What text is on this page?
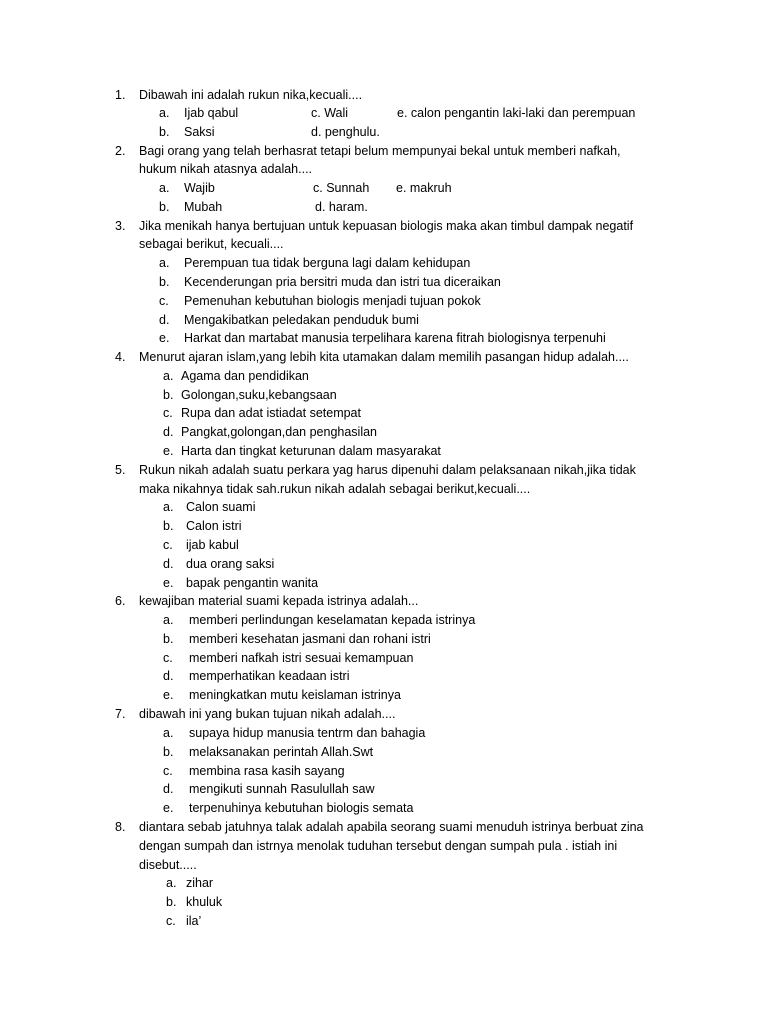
1. Dibawah ini adalah rukun nika,kecuali....
a. Ijab qabul	c. Wali	e. calon pengantin laki-laki dan perempuan
b. Saksi	d. penghulu.
2. Bagi orang yang telah berhasrat tetapi belum mempunyai bekal untuk memberi nafkah,
hukum nikah atasnya adalah....
a. Wajib	c. Sunnah e. makruh
b. Mubah	d. haram.
3. Jika menikah hanya bertujuan untuk kepuasan biologis maka akan timbul dampak negatif
sebagai berikut, kecuali....
a. Perempuan tua tidak berguna lagi dalam kehidupan
b. Kecenderungan pria bersitri muda dan istri tua diceraikan
c. Pemenuhan kebutuhan biologis menjadi tujuan pokok
d. Mengakibatkan peledakan penduduk bumi
e. Harkat dan martabat manusia terpelihara karena fitrah biologisnya terpenuhi
4. Menurut ajaran islam,yang lebih kita utamakan dalam memilih pasangan hidup adalah....
a. Agama dan pendidikan
b. Golongan,suku,kebangsaan
c. Rupa dan adat istiadat setempat
d. Pangkat,golongan,dan penghasilan
e. Harta dan tingkat keturunan dalam masyarakat
5. Rukun nikah adalah suatu perkara yag harus dipenuhi dalam pelaksanaan nikah,jika tidak
maka nikahnya tidak sah.rukun nikah adalah sebagai berikut,kecuali....
a. Calon suami
b. Calon istri
c. ijab kabul
d. dua orang saksi
e. bapak pengantin wanita
6. kewajiban material suami kepada istrinya adalah...
a. memberi perlindungan keselamatan kepada istrinya
b. memberi kesehatan jasmani dan rohani istri
c. memberi nafkah istri sesuai kemampuan
d. memperhatikan keadaan istri
e. meningkatkan mutu keislaman istrinya
7. dibawah ini yang bukan tujuan nikah adalah....
a. supaya hidup manusia tentrm dan bahagia
b. melaksanakan perintah Allah.Swt
c. membina rasa kasih sayang
d. mengikuti sunnah Rasulullah saw
e. terpenuhinya kebutuhan biologis semata
8. diantara sebab jatuhnya talak adalah apabila seorang suami menuduh istrinya berbuat zina
dengan sumpah dan istrnya menolak tuduhan tersebut dengan sumpah pula . istiah ini
disebut.....
a. zihar
b. khuluk
c. ila’
